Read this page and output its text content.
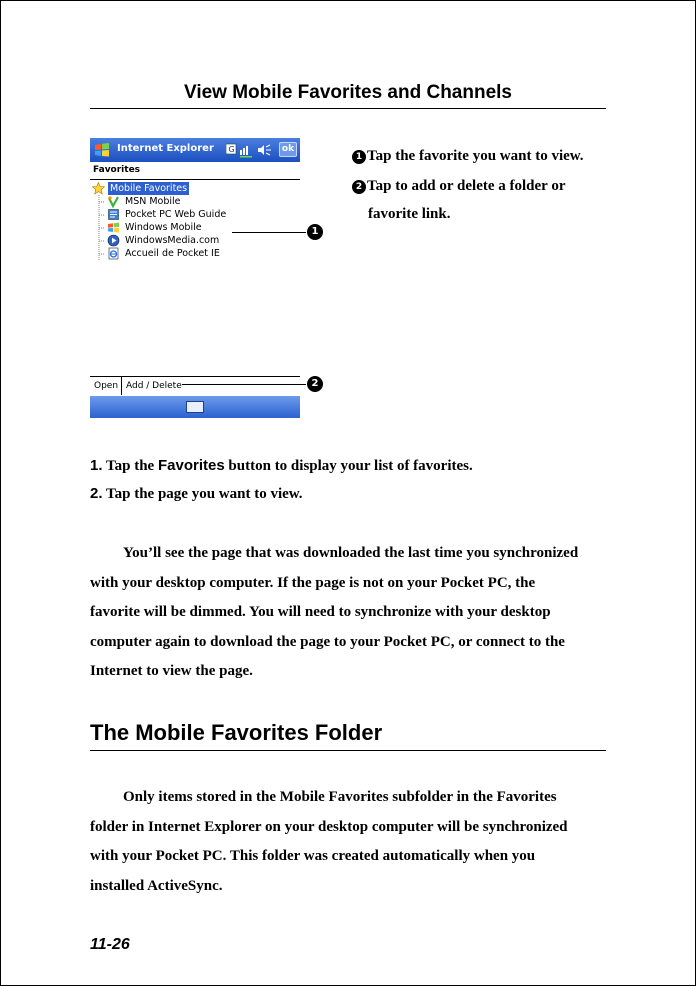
View Mobile Favorites and Channels
Internet Explorer G	ok
Favorites
Mobile Favorites
MSN Mobile
Pocket PC Web Guide
Windows Mobile
WindowsMedia.com
Accueil de Pocket IE
Open Add / Delete
1
2
1 Tap the favorite you want to view.
2 Tap to add or delete a folder or
favorite link.
1. Tap the Favorites button to display your list of favorites.
2. Tap the page you want to view.
You’ll see the page that was downloaded the last time you synchronized
with your desktop computer. If the page is not on your Pocket PC, the
favorite will be dimmed. You will need to synchronize with your desktop
computer again to download the page to your Pocket PC, or connect to the
Internet to view the page.
The Mobile Favorites Folder
Only items stored in the Mobile Favorites subfolder in the Favorites
folder in Internet Explorer on your desktop computer will be synchronized
with your Pocket PC. This folder was created automatically when you
installed ActiveSync.
11-26
